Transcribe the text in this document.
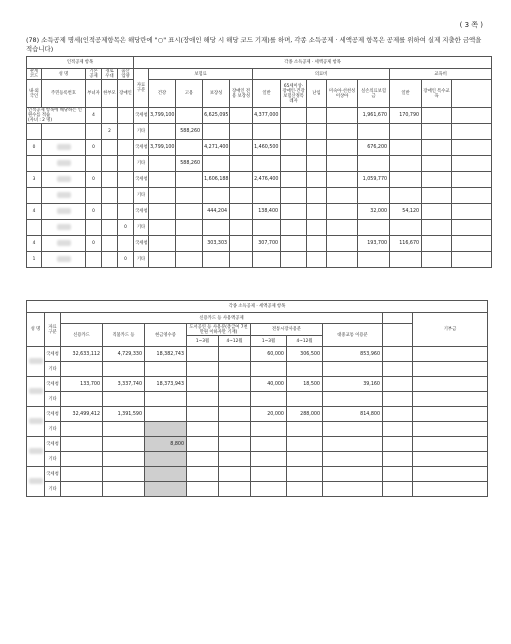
( 3 쪽 )
(78) 소득공제 명세(인적공제항목은 해당란에 "○" 표시(장애인 해당 시 해당 코드 기재)를 하며, 각종 소득공제 · 세액공제 항목은 공제를 위하여 실제 지출한 금액을 적습니다)
인적공제 항목					각종 소득공제 · 세액공제 항목												
관계 코드	성 명	기본 공제	경로 우대	출산 입양	자료 구분	보험료				의료비					교육비		
내·외 국인	주민등록번호	부녀자	한부모	장애인		건강	고용	보장성	장애인 전용 보장성	일반	65세이상·장애인·건강보험산정특례자	난임	미숙아·선천성이상아	실손의료보험금	일반	장애인 특수교육	

인적공제 항목에 해당하는 인원수를 적습
(자녀 : 2 명)		4			국세청	3,799,100		6,625,095		4,377,000				1,961,670	170,790		
			2		기타		588,260										
0		0			국세청	3,799,100		4,271,400		1,460,500				676,200			
					기타		588,260										
3		0			국세청			1,606,188		2,476,400				1,059,770			
					기타												
4		0			국세청			444,204		138,400				32,000	54,120		
				0	기타												
4		0			국세청			303,303		307,700				193,700	116,670		
1				0	기타												
각종 소득공제 · 세액공제 항목											
성 명	자료 구분	신용카드 등 사용액공제									기부금
		신용카드	직불카드 등	현금영수증	도서공연 등 사용분(총급여 7천만원 이하자만 기재)		전통시장사용분		대중교통 이용분		
					1~3월	4~12월	1~3월	4~12월			
	국세청	32,633,112	4,729,330	18,382,743			60,000	306,500	853,960		
	기타										
	국세청	133,700	3,337,740	18,373,943			40,000	18,500	39,160		
	기타										
	국세청	32,499,412	1,391,590				20,000	288,000	814,800		
	기타										
	국세청			8,800							
	기타										
	국세청										
	기타										
